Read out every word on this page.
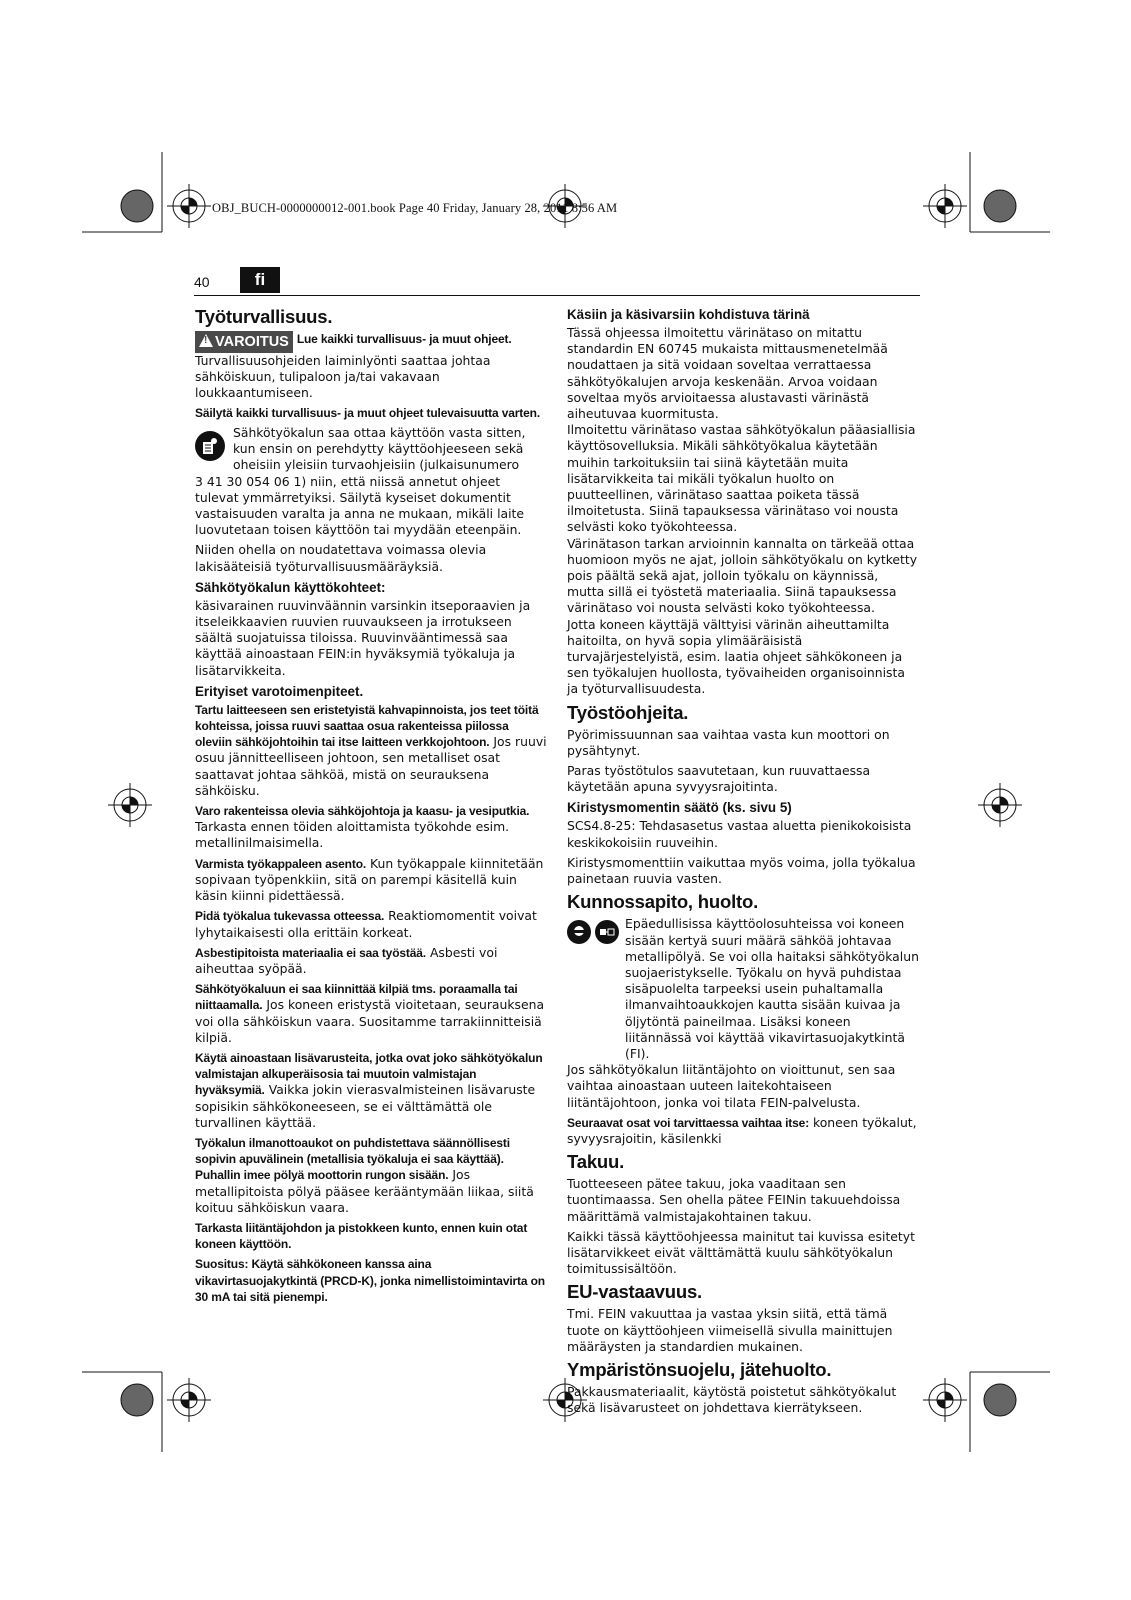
OBJ_BUCH-0000000012-001.book Page 40 Friday, January 28, 2011 8:56 AM
40	fi
Työturvallisuus.

! VAROITUS Lue kaikki turvallisuus- ja muut ohjeet. Turvallisuusohjeiden laiminlyönti saattaa johtaa sähköiskuun, tulipaloon ja/tai vakavaan loukkaantumiseen.

Säilytä kaikki turvallisuus- ja muut ohjeet tulevaisuutta varten.

Sähkötyökalun saa ottaa käyttöön vasta sitten, kun ensin on perehdytty käyttöohjeeseen sekä oheisiin yleisiin turvaohjeisiin (julkaisunumero

3 41 30 054 06 1) niin, että niissä annetut ohjeet tulevat ymmärretyiksi. Säilytä kyseiset dokumentit vastaisuuden varalta ja anna ne mukaan, mikäli laite luovutetaan toisen käyttöön tai myydään eteenpäin.

Niiden ohella on noudatettava voimassa olevia lakisääteisiä työturvallisuusmääräyksiä.

Sähkötyökalun käyttökohteet:

käsivarainen ruuvinväännin varsinkin itseporaavien ja itseleikkaavien ruuvien ruuvaukseen ja irrotukseen säältä suojatuissa tiloissa. Ruuvinvääntimessä saa käyttää ainoastaan FEIN:in hyväksymiä työkaluja ja lisätarvikkeita.

Erityiset varotoimenpiteet.

Tartu laitteeseen sen eristetyistä kahvapinnoista, jos teet töitä kohteissa, joissa ruuvi saattaa osua rakenteissa piilossa oleviin sähköjohtoihin tai itse laitteen verkkojohtoon. Jos ruuvi osuu jännitteelliseen johtoon, sen metalliset osat saattavat johtaa sähköä, mistä on seurauksena sähköisku.

Varo rakenteissa olevia sähköjohtoja ja kaasu- ja vesiputkia. Tarkasta ennen töiden aloittamista työkohde esim. metallinilmaisimella.

Varmista työkappaleen asento. Kun työkappale kiinnitetään sopivaan työpenkkiin, sitä on parempi käsitellä kuin käsin kiinni pidettäessä.

Pidä työkalua tukevassa otteessa. Reaktiomomentit voivat lyhytaikaisesti olla erittäin korkeat.

Asbestipitoista materiaalia ei saa työstää. Asbesti voi aiheuttaa syöpää.

Sähkötyökaluun ei saa kiinnittää kilpiä tms. poraamalla tai niittaamalla. Jos koneen eristystä vioitetaan, seurauksena voi olla sähköiskun vaara. Suositamme tarrakiinnitteisiä kilpiä.

Käytä ainoastaan lisävarusteita, jotka ovat joko sähkötyökalun valmistajan alkuperäisosia tai muutoin valmistajan hyväksymiä. Vaikka jokin vierasvalmisteinen lisävaruste sopisikin sähkökoneeseen, se ei välttämättä ole turvallinen käyttää.

Työkalun ilmanottoaukot on puhdistettava säännöllisesti sopivin apuvälinein (metallisia työkaluja ei saa käyttää). Puhallin imee pölyä moottorin rungon sisään. Jos metallipitoista pölyä pääsee kerääntymään liikaa, siitä koituu sähköiskun vaara.

Tarkasta liitäntäjohdon ja pistokkeen kunto, ennen kuin otat koneen käyttöön.

Suositus: Käytä sähkökoneen kanssa aina vikavirtasuojakytkintä (PRCD-K), jonka nimellistoimintavirta on 30 mA tai sitä pienempi.

Käsiin ja käsivarsiin kohdistuva tärinä

Tässä ohjeessa ilmoitettu värinätaso on mitattu standardin EN 60745 mukaista mittausmenetelmää noudattaen ja sitä voidaan soveltaa verrattaessa sähkötyökalujen arvoja keskenään. Arvoa voidaan soveltaa myös arvioitaessa alustavasti värinästä aiheutuvaa kuormitusta.

Ilmoitettu värinätaso vastaa sähkötyökalun pääasiallisia käyttösovelluksia. Mikäli sähkötyökalua käytetään muihin tarkoituksiin tai siinä käytetään muita lisätarvikkeita tai mikäli työkalun huolto on puutteellinen, värinätaso saattaa poiketa tässä ilmoitetusta. Siinä tapauksessa värinätaso voi nousta selvästi koko työkohteessa.

Värinätason tarkan arvioinnin kannalta on tärkeää ottaa huomioon myös ne ajat, jolloin sähkötyökalu on kytketty pois päältä sekä ajat, jolloin työkalu on käynnissä, mutta sillä ei työstetä materiaalia. Siinä tapauksessa värinätaso voi nousta selvästi koko työkohteessa.

Jotta koneen käyttäjä välttyisi värinän aiheuttamilta haitoilta, on hyvä sopia ylimääräisistä turvajärjestelyistä, esim. laatia ohjeet sähkökoneen ja sen työkalujen huollosta, työvaiheiden organisoinnista ja työturvallisuudesta.

Työstöohjeita.

Pyörimissuunnan saa vaihtaa vasta kun moottori on pysähtynyt.

Paras työstötulos saavutetaan, kun ruuvattaessa käytetään apuna syvyysrajoitinta.

Kiristysmomentin säätö (ks. sivu 5)

SCS4.8-25: Tehdasasetus vastaa aluetta pienikokoisista keskikokoisiin ruuveihin.

Kiristysmomenttiin vaikuttaa myös voima, jolla työkalua painetaan ruuvia vasten.

Kunnossapito, huolto.

Epäedullisissa käyttöolosuhteissa voi koneen sisään kertyä suuri määrä sähköä johtavaa metallipölyä. Se voi olla haitaksi sähkötyökalun suojaeristykselle. Työkalu on hyvä puhdistaa sisäpuolelta tarpeeksi usein puhaltamalla ilmanvaihtoaukkojen kautta sisään kuivaa ja öljytöntä paineilmaa. Lisäksi koneen liitännässä voi käyttää vikavirtasuojakytkintä (FI).

Jos sähkötyökalun liitäntäjohto on vioittunut, sen saa vaihtaa ainoastaan uuteen laitekohtaiseen liitäntäjohtoon, jonka voi tilata FEIN-palvelusta.

Seuraavat osat voi tarvittaessa vaihtaa itse: koneen työkalut, syvyysrajoitin, käsilenkki

Takuu.

Tuotteeseen pätee takuu, joka vaaditaan sen tuontimaassa. Sen ohella pätee FEINin takuuehdoissa määrittämä valmistajakohtainen takuu.

Kaikki tässä käyttöohjeessa mainitut tai kuvissa esitetyt lisätarvikkeet eivät välttämättä kuulu sähkötyökalun toimitussisältöön.

EU-vastaavuus.

Tmi. FEIN vakuuttaa ja vastaa yksin siitä, että tämä tuote on käyttöohjeen viimeisellä sivulla mainittujen määräysten ja standardien mukainen.

Ympäristönsuojelu, jätehuolto.

Pakkausmateriaalit, käytöstä poistetut sähkötyökalut sekä lisävarusteet on johdettava kierrätykseen.
